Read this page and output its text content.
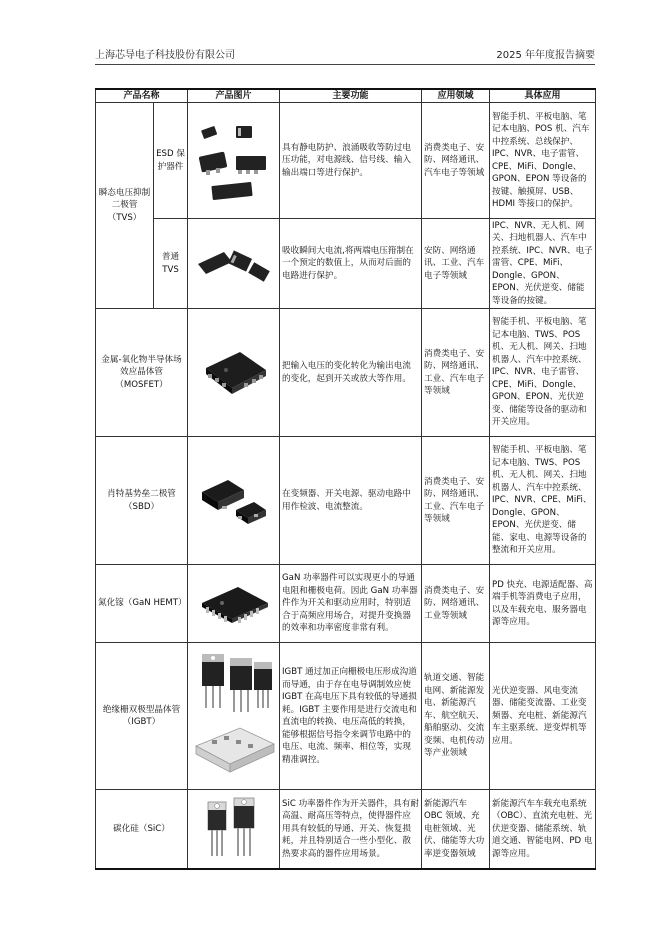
上海芯导电子科技股份有限公司	2025 年年度报告摘要
产品名称		产品图片	主要功能	应用领域	具体应用
瞬态电压抑制二极管（TVS）	ESD 保护器件		具有静电防护、浪涌吸收等防过电压功能，对电源线、信号线、输入输出端口等进行保护。	消费类电子、安防、网络通讯、汽车电子等领域	智能手机、平板电脑、笔记本电脑、POS 机、汽车中控系统、总线保护、IPC、NVR、电子雷管、CPE、MiFi、Dongle、GPON、EPON 等设备的按键、触摸屏、USB、HDMI 等接口的保护。
	普通 TVS		吸收瞬间大电流,将两端电压箝制在一个预定的数值上，从而对后面的电路进行保护。	安防、网络通讯、工业、汽车电子等领域	IPC、NVR、无人机、网关、扫地机器人、汽车中控系统、IPC、NVR、电子雷管、CPE、MiFi、Dongle、GPON、EPON、光伏逆变、储能等设备的按键。
金属-氧化物半导体场效应晶体管（MOSFET）			把输入电压的变化转化为输出电流的变化，起到开关或放大等作用。	消费类电子、安防、网络通讯、工业、汽车电子等领域	智能手机、平板电脑、笔记本电脑、TWS、POS 机、无人机、网关、扫地机器人、汽车中控系统、IPC、NVR、电子雷管、CPE、MiFi、Dongle、GPON、EPON、光伏逆变、储能等设备的驱动和开关应用。
肖特基势垒二极管（SBD）			在变频器、开关电源、驱动电路中用作检波、电流整流。	消费类电子、安防、网络通讯、工业、汽车电子等领域	智能手机、平板电脑、笔记本电脑、TWS、POS 机、无人机、网关、扫地机器人、汽车中控系统、IPC、NVR、CPE、MiFi、Dongle、GPON、EPON、光伏逆变、储能、家电、电源等设备的整流和开关应用。
氮化镓（GaN HEMT）			GaN 功率器件可以实现更小的导通电阻和栅极电荷。因此 GaN 功率器件作为开关和驱动应用时，特别适合于高频应用场合，对提升变换器的效率和功率密度非常有利。	消费类电子、安防、网络通讯、工业等领域	PD 快充、电源适配器、高端手机等消费电子应用，以及车载充电、服务器电源等应用。
绝缘栅双极型晶体管（IGBT）			IGBT 通过加正向栅极电压形成沟道而导通，由于存在电导调制效应使 IGBT 在高电压下具有较低的导通损耗。IGBT 主要作用是进行交流电和直流电的转换、电压高低的转换，能够根据信号指令来调节电路中的电压、电流、频率、相位等，实现精准调控。	轨道交通、智能电网、新能源发电、新能源汽车、航空航天、船舶驱动、交流变频、电机传动等产业领域	光伏逆变器、风电变流器、储能变流器、工业变频器、充电桩、新能源汽车主驱系统、逆变焊机等应用。
碳化硅（SiC）			SiC 功率器件作为开关器件，具有耐高温、耐高压等特点，使得器件应用具有较低的导通、开关、恢复损耗，并且特别适合一些小型化、散热要求高的器件应用场景。	新能源汽车 OBC 领域、充电桩领域、光伏、储能等大功率逆变器领域	新能源汽车车载充电系统（OBC）、直流充电桩、光伏逆变器、储能系统、轨道交通、智能电网、PD 电源等应用。
